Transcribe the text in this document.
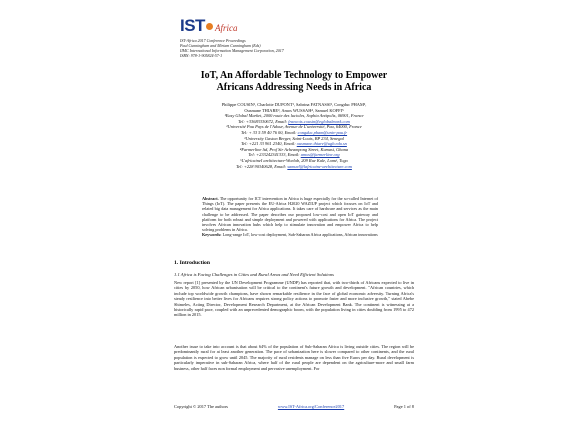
IST Africa
IST-Africa 2017 Conference Proceedings
Paul Cunningham and Miriam Cunningham (Eds)
IIMC International Information Management Corporation, 2017
ISBN: 978-1-905824-57-1
IoT, An Affordable Technology to Empower
Africans Addressing Needs in Africa
Philippe COUSIN¹, Charlotte DUPONT¹, Sabrina FATNASSI¹, Congduc PHAM²,
Ousmane THIARE³, Amos WUSSAH⁴, Samuel KOFFI⁵
¹Easy Global Market, 2000 route des lucioles, Sophia Antipolis, 06901, France
Tel: +33683330672, Email: francois.cousin@eglobalmark.com
²Université Pau Pays de l'Adour, Avenue de L'université, Pau, 64000, France
Tel: + 33 5 59 40 76 00, Email: congduc.pham@univ-pau.fr
³University Gaston Berger, Saint-Louis, BP 234, Senegal
Tel: +221 33 961 2340, Email: ousmane.thiare@ugb.edu.sn
⁴Farmerline ltd, Prof Sir Acheampong Street, Kumasi, Ghana
Tel: +233242341333, Email: amos@farmerline.org
⁵L'africaineI architecture-Woelab, 209 Rue Kale, Lomé, Togo
Tel: +228 90340628, Email: samuel@lafricaine-architecture.com
Abstract. The opportunity for ICT intervention in Africa is huge especially for the so-called Internet of Things (IoT). The paper presents the EU-Africa H2020 WAZIUP project which focuses on IoT and related big data management for Africa applications. It takes care of hardware and services as the main challenge to be addressed. The paper describes our proposed low-cost and open IoT gateway and platform for both robust and simple deployment and powered with applications for Africa. The project involves African innovation hubs which help to stimulate innovation and empower Africa to help solving problems in Africa.
Keywords: Long-range IoT, low-cost deployment, Sub-Saharan Africa applications, African innovations
1. Introduction
1.1 Africa is Facing Challenges in Cities and Rural Areas and Need Efficient Solutions
New report [1] presented by the UN Development Programme (UNDP) has reported that, with two-thirds of Africans expected to live in cities by 2050, how African urbanisation will be critical to the continent's future growth and development. "African countries, which include top worldwide growth champions, have shown remarkable resilience in the face of global economic adversity. Turning Africa's steady resilience into better lives for Africans requires strong policy actions to promote faster and more inclusive growth," stated Abebe Shimeles, Acting Director, Development Research Department, at the African Development Bank. The continent is witnessing at a historically rapid pace, coupled with an unprecedented demographic boom, with the population living in cities doubling from 1995 to 472 million in 2015.
Another issue to take into account is that about 64% of the population of Sub-Saharan Africa is living outside cities. The region will be predominantly rural for at least another generation. The pace of urbanization here is slower compared to other continents, and the rural population is expected to grow until 2045. The majority of rural residents manage on less than five Euros per day. Rural development is particularly imperative in sub-Saharan Africa, where half of the rural people are dependent on the agriculture-more and small farm business, other half faces non formal employment and pervasive unemployment. For
Copyright © 2017 The authors	www.IST-Africa.org/Conference2017	Page 1 of 8
